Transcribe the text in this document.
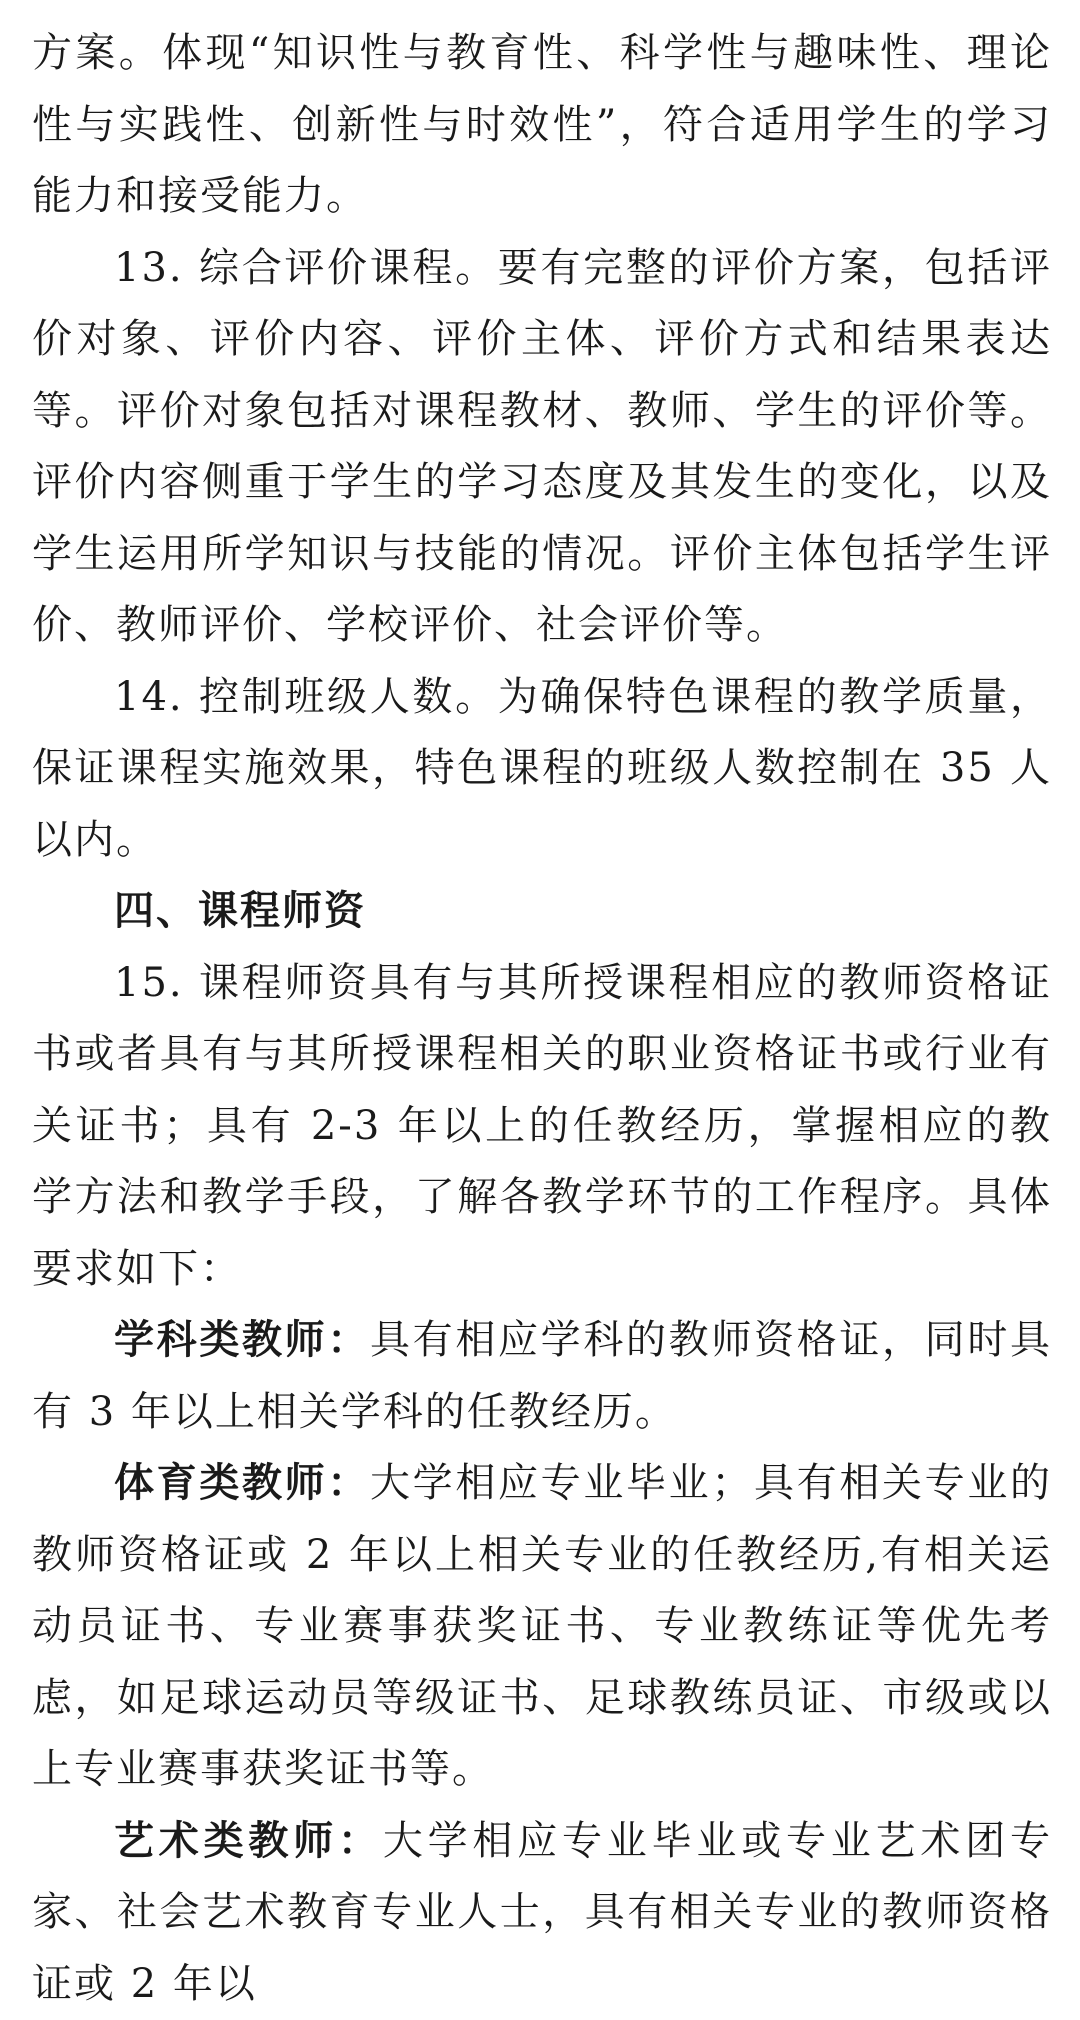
方案。体现“知识性与教育性、科学性与趣味性、理论性与实践性、创新性与时效性”，符合适用学生的学习能力和接受能力。

13. 综合评价课程。要有完整的评价方案，包括评价对象、评价内容、评价主体、评价方式和结果表达等。评价对象包括对课程教材、教师、学生的评价等。评价内容侧重于学生的学习态度及其发生的变化，以及学生运用所学知识与技能的情况。评价主体包括学生评价、教师评价、学校评价、社会评价等。

14. 控制班级人数。为确保特色课程的教学质量，保证课程实施效果，特色课程的班级人数控制在 35 人以内。

四、课程师资

15. 课程师资具有与其所授课程相应的教师资格证书或者具有与其所授课程相关的职业资格证书或行业有关证书；具有 2-3 年以上的任教经历，掌握相应的教学方法和教学手段，了解各教学环节的工作程序。具体要求如下：

学科类教师：具有相应学科的教师资格证，同时具有 3 年以上相关学科的任教经历。

体育类教师：大学相应专业毕业；具有相关专业的教师资格证或 2 年以上相关专业的任教经历,有相关运动员证书、专业赛事获奖证书、专业教练证等优先考虑，如足球运动员等级证书、足球教练员证、市级或以上专业赛事获奖证书等。

艺术类教师：大学相应专业毕业或专业艺术团专家、社会艺术教育专业人士，具有相关专业的教师资格证或 2 年以
